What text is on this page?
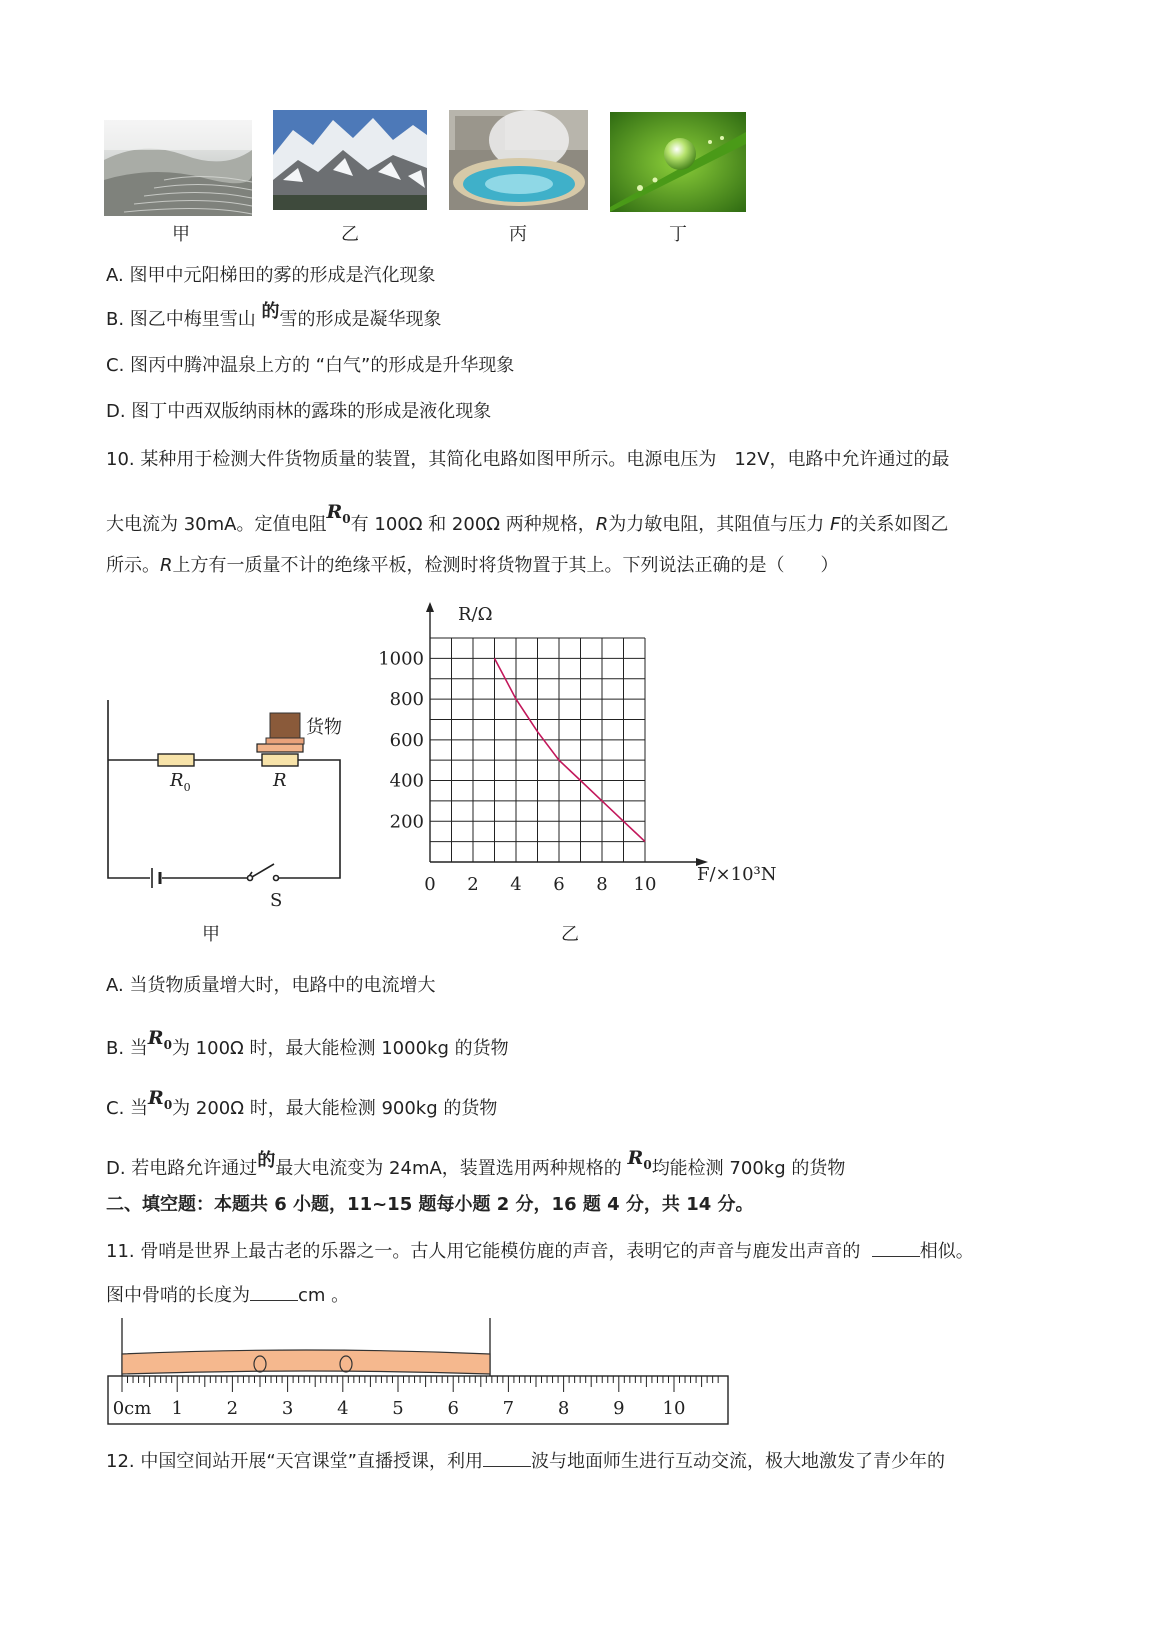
甲	乙	丙	丁
A. 图甲中元阳梯田的雾的形成是汽化现象
B. 图乙中梅里雪山 的雪的形成是凝华现象
C. 图丙中腾冲温泉上方的 “白气”的形成是升华现象
D. 图丁中西双版纳雨林的露珠的形成是液化现象
10. 某种用于检测大件货物质量的装置，其简化电路如图甲所示。电源电压为　12V，电路中允许通过的最
大电流为 30mA。定值电阻$R_0$有 100Ω 和 200Ω 两种规格，R为力敏电阻，其阻值与压力 F的关系如图乙
所示。R上方有一质量不计的绝缘平板，检测时将货物置于其上。下列说法正确的是（　　）
货物
$R_0$	R
S
甲
0 2 4 6 8 10
200
400
600
800
1000
R/Ω
F/×10³N
乙
A. 当货物质量增大时，电路中的电流增大
B. 当$R_0$为 100Ω 时，最大能检测 1000kg 的货物
C. 当$R_0$为 200Ω 时，最大能检测 900kg 的货物
D. 若电路允许通过的最大电流变为 24mA，装置选用两种规格的 $R_0$均能检测 700kg 的货物
二、填空题：本题共 6 小题，11~15 题每小题 2 分，16 题 4 分，共 14 分。
11. 骨哨是世界上最古老的乐器之一。古人用它能模仿鹿的声音，表明它的声音与鹿发出声音的	相似。
图中骨哨的长度为	cm 。
0cm 1 2 3 4 5 6 7 8 9 10
12. 中国空间站开展“天宫课堂”直播授课，利用	波与地面师生进行互动交流，极大地激发了青少年的
